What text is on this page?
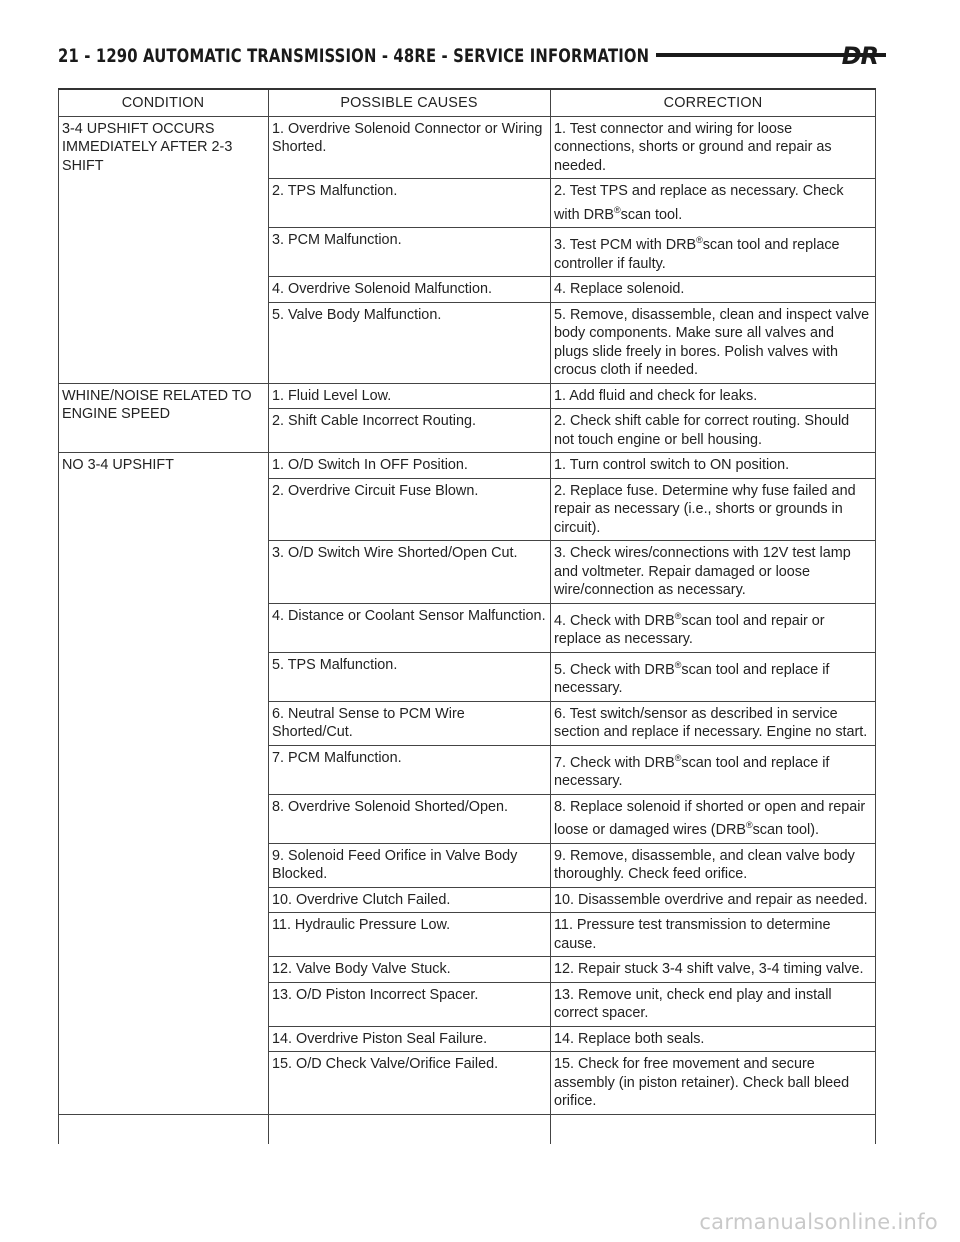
21 - 1290 AUTOMATIC TRANSMISSION - 48RE - SERVICE INFORMATION	DR
CONDITION	POSSIBLE CAUSES	CORRECTION
3-4 UPSHIFT OCCURS IMMEDIATELY AFTER 2-3 SHIFT	1. Overdrive Solenoid Connector or Wiring Shorted.	1. Test connector and wiring for loose connections, shorts or ground and repair as needed.
	2. TPS Malfunction.	2. Test TPS and replace as necessary. Check with DRB®scan tool.
	3. PCM Malfunction.	3. Test PCM with DRB®scan tool and replace controller if faulty.
	4. Overdrive Solenoid Malfunction.	4. Replace solenoid.
	5. Valve Body Malfunction.	5. Remove, disassemble, clean and inspect valve body components. Make sure all valves and plugs slide freely in bores. Polish valves with crocus cloth if needed.
WHINE/NOISE RELATED TO ENGINE SPEED	1. Fluid Level Low.	1. Add fluid and check for leaks.
	2. Shift Cable Incorrect Routing.	2. Check shift cable for correct routing. Should not touch engine or bell housing.
NO 3-4 UPSHIFT	1. O/D Switch In OFF Position.	1. Turn control switch to ON position.
	2. Overdrive Circuit Fuse Blown.	2. Replace fuse. Determine why fuse failed and repair as necessary (i.e., shorts or grounds in circuit).
	3. O/D Switch Wire Shorted/Open Cut.	3. Check wires/connections with 12V test lamp and voltmeter. Repair damaged or loose wire/connection as necessary.
	4. Distance or Coolant Sensor Malfunction.	4. Check with DRB®scan tool and repair or replace as necessary.
	5. TPS Malfunction.	5. Check with DRB®scan tool and replace if necessary.
	6. Neutral Sense to PCM Wire Shorted/Cut.	6. Test switch/sensor as described in service section and replace if necessary. Engine no start.
	7. PCM Malfunction.	7. Check with DRB®scan tool and replace if necessary.
	8. Overdrive Solenoid Shorted/Open.	8. Replace solenoid if shorted or open and repair loose or damaged wires (DRB®scan tool).
	9. Solenoid Feed Orifice in Valve Body Blocked.	9. Remove, disassemble, and clean valve body thoroughly. Check feed orifice.
	10. Overdrive Clutch Failed.	10. Disassemble overdrive and repair as needed.
	11. Hydraulic Pressure Low.	11. Pressure test transmission to determine cause.
	12. Valve Body Valve Stuck.	12. Repair stuck 3-4 shift valve, 3-4 timing valve.
	13. O/D Piston Incorrect Spacer.	13. Remove unit, check end play and install correct spacer.
	14. Overdrive Piston Seal Failure.	14. Replace both seals.
	15. O/D Check Valve/Orifice Failed.	15. Check for free movement and secure assembly (in piston retainer). Check ball bleed orifice.
carmanualsonline.info
